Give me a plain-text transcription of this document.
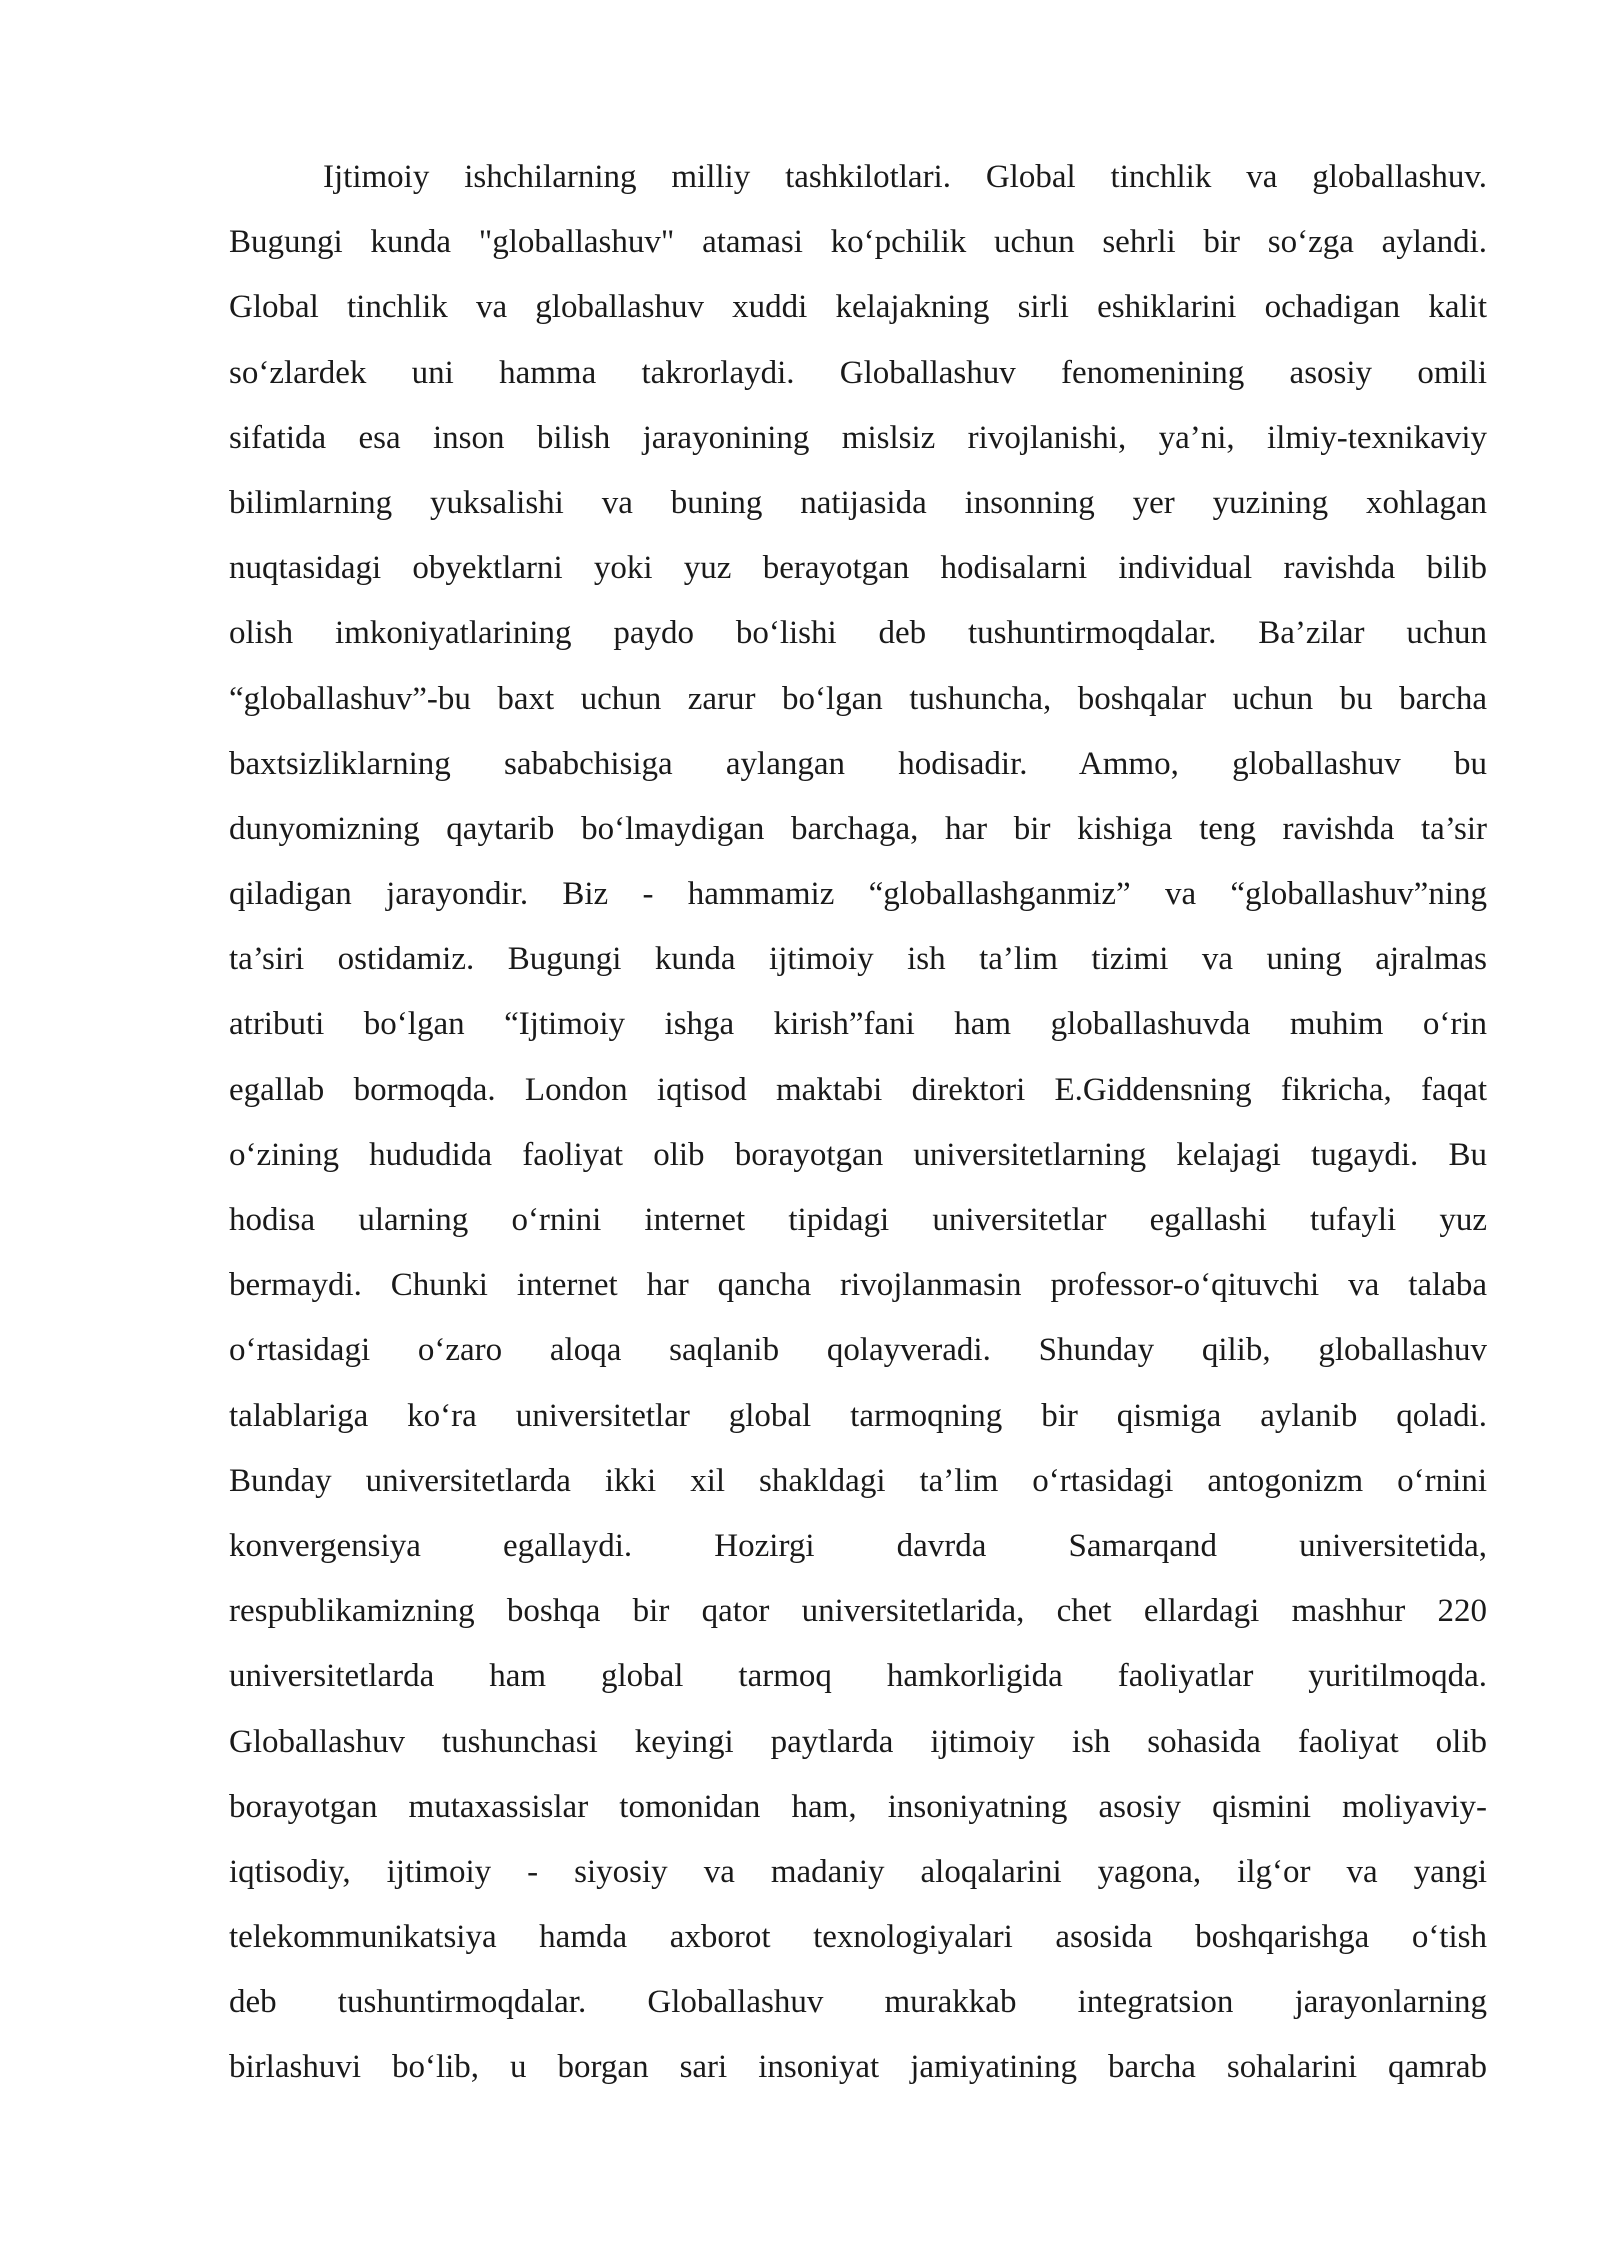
Ijtimoiy ishchilarning milliy tashkilotlari. Global tinchlik va globallashuv.
Bugungi kunda "globallashuv" atamasi koʻpchilik uchun sehrli bir soʻzga aylandi.
Global tinchlik va globallashuv xuddi kelajakning sirli eshiklarini ochadigan kalit
soʻzlardek uni hamma takrorlaydi. Globallashuv fenomenining asosiy omili
sifatida esa inson bilish jarayonining mislsiz rivojlanishi, ya’ni, ilmiy-texnikaviy
bilimlarning yuksalishi va buning natijasida insonning yer yuzining xohlagan
nuqtasidagi obyektlarni yoki yuz berayotgan hodisalarni individual ravishda bilib
olish imkoniyatlarining paydo boʻlishi deb tushuntirmoqdalar. Ba’zilar uchun
“globallashuv”-bu baxt uchun zarur boʻlgan tushuncha, boshqalar uchun bu barcha
baxtsizliklarning sababchisiga aylangan hodisadir. Ammo, globallashuv bu
dunyomizning qaytarib boʻlmaydigan barchaga, har bir kishiga teng ravishda ta’sir
qiladigan jarayondir. Biz - hammamiz “globallashganmiz” va “globallashuv”ning
ta’siri ostidamiz. Bugungi kunda ijtimoiy ish ta’lim tizimi va uning ajralmas
atributi boʻlgan “Ijtimoiy ishga kirish”fani ham globallashuvda muhim oʻrin
egallab bormoqda. London iqtisod maktabi direktori E.Giddensning fikricha, faqat
oʻzining hududida faoliyat olib borayotgan universitetlarning kelajagi tugaydi. Bu
hodisa ularning oʻrnini internet tipidagi universitetlar egallashi tufayli yuz
bermaydi. Chunki internet har qancha rivojlanmasin professor-oʻqituvchi va talaba
oʻrtasidagi oʻzaro aloqa saqlanib qolayveradi. Shunday qilib, globallashuv
talablariga koʻra universitetlar global tarmoqning bir qismiga aylanib qoladi.
Bunday universitetlarda ikki xil shakldagi ta’lim oʻrtasidagi antogonizm oʻrnini
konvergensiya egallaydi. Hozirgi davrda Samarqand universitetida,
respublikamizning boshqa bir qator universitetlarida, chet ellardagi mashhur 220
universitetlarda ham global tarmoq hamkorligida faoliyatlar yuritilmoqda.
Globallashuv tushunchasi keyingi paytlarda ijtimoiy ish sohasida faoliyat olib
borayotgan mutaxassislar tomonidan ham, insoniyatning asosiy qismini moliyaviy-
iqtisodiy, ijtimoiy - siyosiy va madaniy aloqalarini yagona, ilgʻor va yangi
telekommunikatsiya hamda axborot texnologiyalari asosida boshqarishga oʻtish
deb tushuntirmoqdalar. Globallashuv murakkab integratsion jarayonlarning
birlashuvi boʻlib, u borgan sari insoniyat jamiyatining barcha sohalarini qamrab
